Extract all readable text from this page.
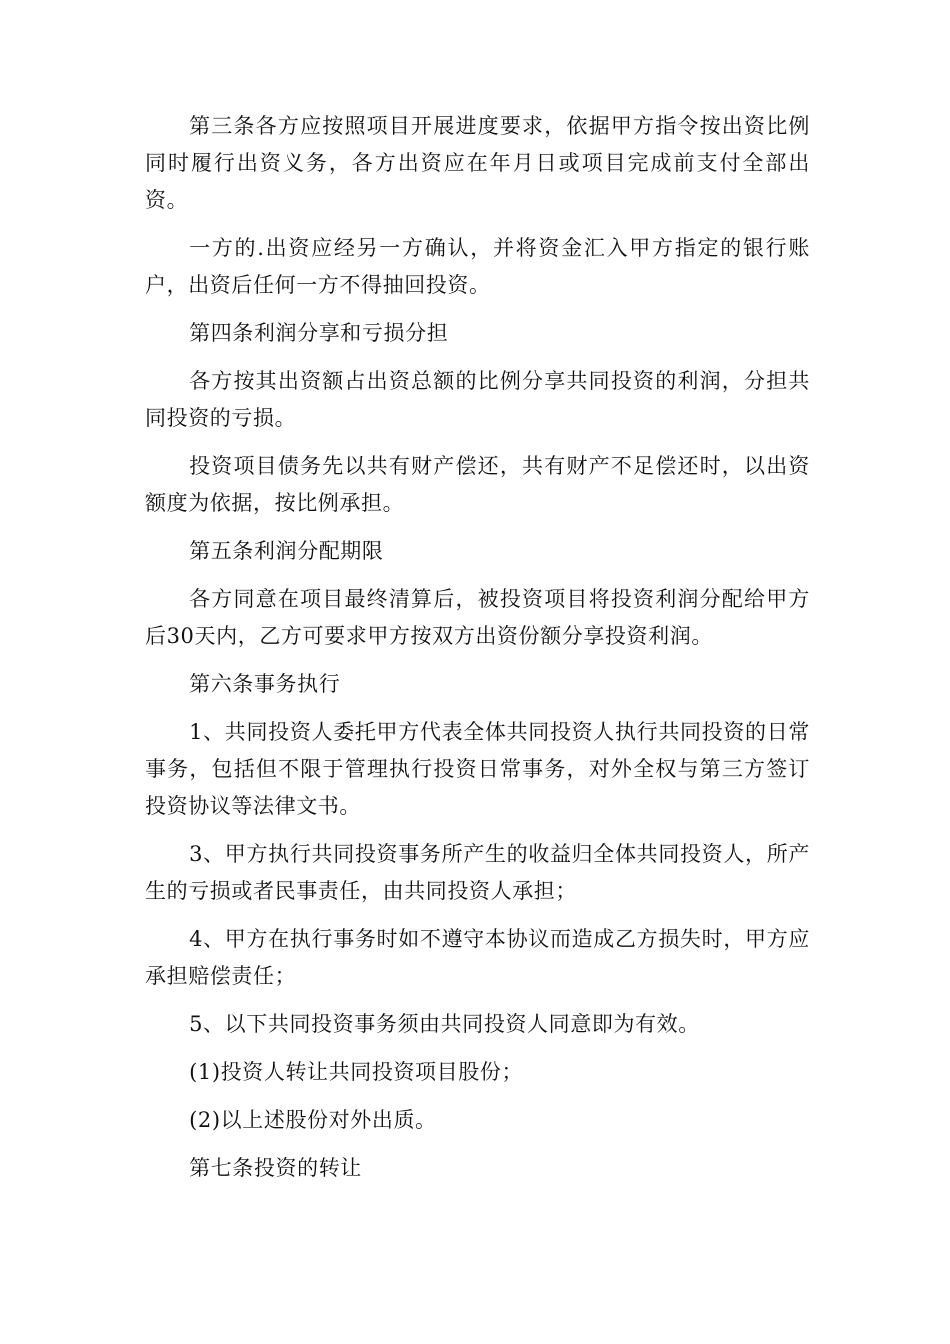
第三条各方应按照项目开展进度要求，依据甲方指令按出资比例同时履行出资义务，各方出资应在年月日或项目完成前支付全部出资。

一方的.出资应经另一方确认，并将资金汇入甲方指定的银行账户，出资后任何一方不得抽回投资。

第四条利润分享和亏损分担

各方按其出资额占出资总额的比例分享共同投资的利润，分担共同投资的亏损。

投资项目债务先以共有财产偿还，共有财产不足偿还时，以出资额度为依据，按比例承担。

第五条利润分配期限

各方同意在项目最终清算后，被投资项目将投资利润分配给甲方后30天内，乙方可要求甲方按双方出资份额分享投资利润。

第六条事务执行

1、共同投资人委托甲方代表全体共同投资人执行共同投资的日常事务，包括但不限于管理执行投资日常事务，对外全权与第三方签订投资协议等法律文书。

3、甲方执行共同投资事务所产生的收益归全体共同投资人，所产生的亏损或者民事责任，由共同投资人承担；

4、甲方在执行事务时如不遵守本协议而造成乙方损失时，甲方应承担赔偿责任；

5、以下共同投资事务须由共同投资人同意即为有效。

(1)投资人转让共同投资项目股份；

(2)以上述股份对外出质。

第七条投资的转让
